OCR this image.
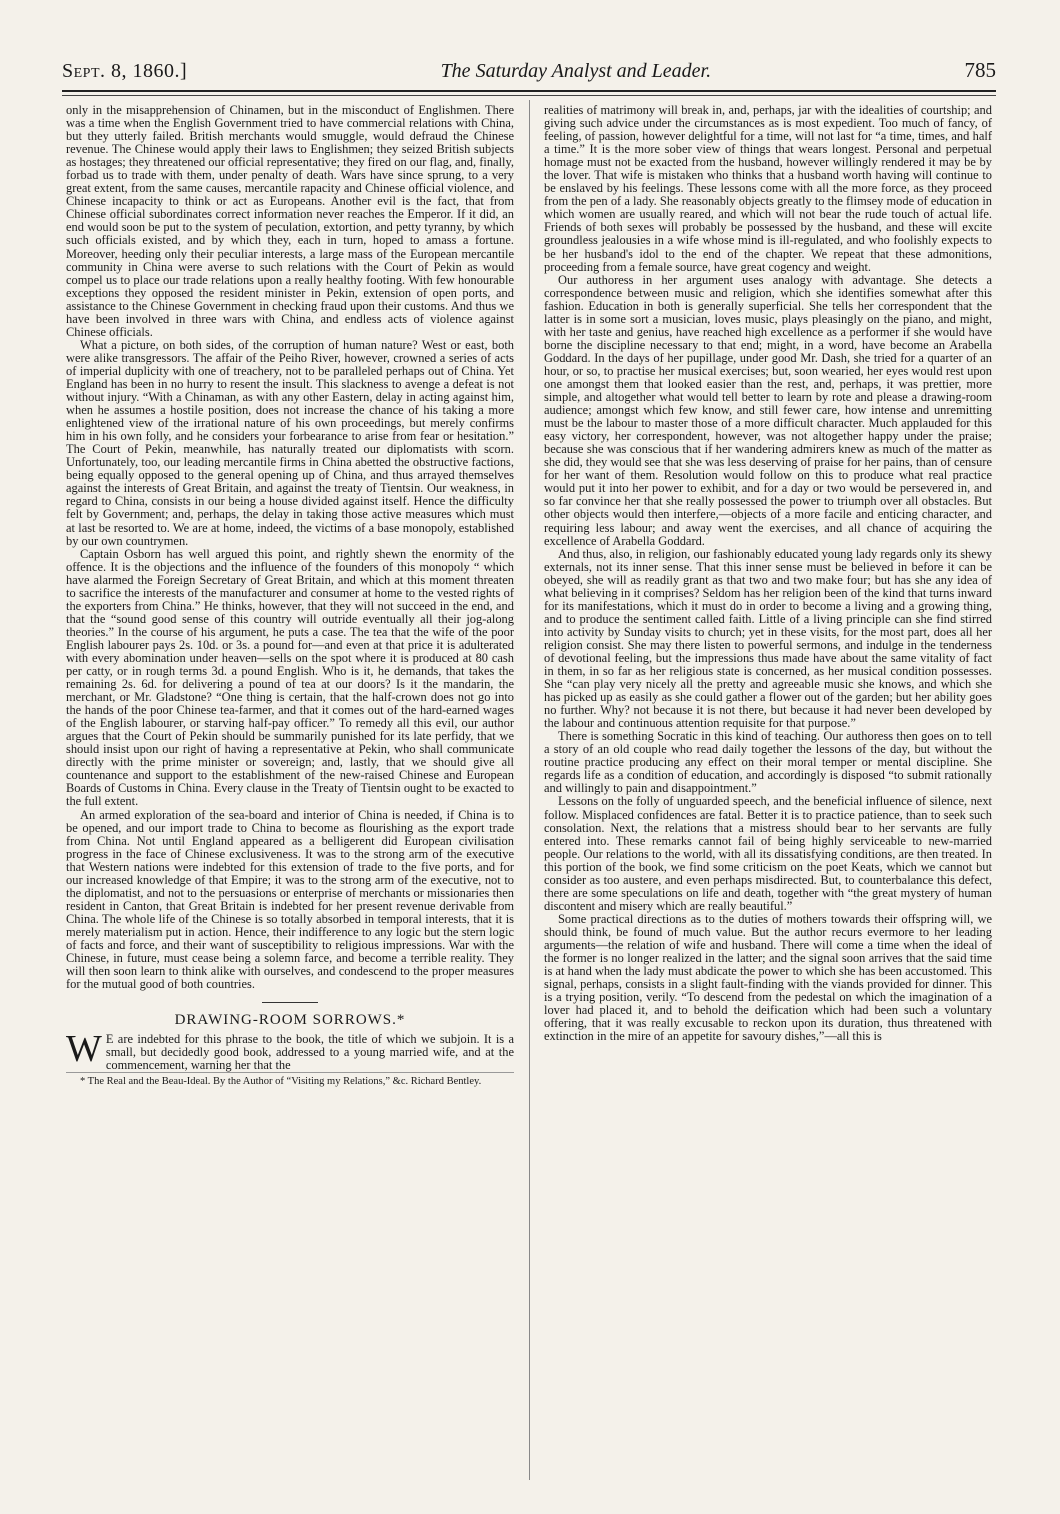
Sept. 8, 1860.]	The Saturday Analyst and Leader.	785

only in the misapprehension of Chinamen, but in the misconduct of Englishmen. There was a time when the English Government tried to have commercial relations with China, but they utterly failed. British merchants would smuggle, would defraud the Chinese revenue. The Chinese would apply their laws to Englishmen; they seized British subjects as hostages; they threatened our official representative; they fired on our flag, and, finally, forbad us to trade with them, under penalty of death. Wars have since sprung, to a very great extent, from the same causes, mercantile rapacity and Chinese official violence, and Chinese incapacity to think or act as Europeans. Another evil is the fact, that from Chinese official subordinates correct information never reaches the Emperor. If it did, an end would soon be put to the system of peculation, extortion, and petty tyranny, by which such officials existed, and by which they, each in turn, hoped to amass a fortune. Moreover, heeding only their peculiar interests, a large mass of the European mercantile community in China were averse to such relations with the Court of Pekin as would compel us to place our trade relations upon a really healthy footing. With few honourable exceptions they opposed the resident minister in Pekin, extension of open ports, and assistance to the Chinese Government in checking fraud upon their customs. And thus we have been involved in three wars with China, and endless acts of violence against Chinese officials.

What a picture, on both sides, of the corruption of human nature? West or east, both were alike transgressors. The affair of the Peiho River, however, crowned a series of acts of imperial duplicity with one of treachery, not to be paralleled perhaps out of China. Yet England has been in no hurry to resent the insult. This slackness to avenge a defeat is not without injury. “With a Chinaman, as with any other Eastern, delay in acting against him, when he assumes a hostile position, does not increase the chance of his taking a more enlightened view of the irrational nature of his own proceedings, but merely confirms him in his own folly, and he considers your forbearance to arise from fear or hesitation.” The Court of Pekin, meanwhile, has naturally treated our diplomatists with scorn. Unfortunately, too, our leading mercantile firms in China abetted the obstructive factions, being equally opposed to the general opening up of China, and thus arrayed themselves against the interests of Great Britain, and against the treaty of Tientsin. Our weakness, in regard to China, consists in our being a house divided against itself. Hence the difficulty felt by Government; and, perhaps, the delay in taking those active measures which must at last be resorted to. We are at home, indeed, the victims of a base monopoly, established by our own countrymen.

Captain Osborn has well argued this point, and rightly shewn the enormity of the offence. It is the objections and the influence of the founders of this monopoly “ which have alarmed the Foreign Secretary of Great Britain, and which at this moment threaten to sacrifice the interests of the manufacturer and consumer at home to the vested rights of the exporters from China.” He thinks, however, that they will not succeed in the end, and that the “sound good sense of this country will outride eventually all their jog-along theories.” In the course of his argument, he puts a case. The tea that the wife of the poor English labourer pays 2s. 10d. or 3s. a pound for—and even at that price it is adulterated with every abomination under heaven—sells on the spot where it is produced at 80 cash per catty, or in rough terms 3d. a pound English. Who is it, he demands, that takes the remaining 2s. 6d. for delivering a pound of tea at our doors? Is it the mandarin, the merchant, or Mr. Gladstone? “One thing is certain, that the half-crown does not go into the hands of the poor Chinese tea-farmer, and that it comes out of the hard-earned wages of the English labourer, or starving half-pay officer.” To remedy all this evil, our author argues that the Court of Pekin should be summarily punished for its late perfidy, that we should insist upon our right of having a representative at Pekin, who shall communicate directly with the prime minister or sovereign; and, lastly, that we should give all countenance and support to the establishment of the new-raised Chinese and European Boards of Customs in China. Every clause in the Treaty of Tientsin ought to be exacted to the full extent.

An armed exploration of the sea-board and interior of China is needed, if China is to be opened, and our import trade to China to become as flourishing as the export trade from China. Not until England appeared as a belligerent did European civilisation progress in the face of Chinese exclusiveness. It was to the strong arm of the executive that Western nations were indebted for this extension of trade to the five ports, and for our increased knowledge of that Empire; it was to the strong arm of the executive, not to the diplomatist, and not to the persuasions or enterprise of merchants or missionaries then resident in Canton, that Great Britain is indebted for her present revenue derivable from China. The whole life of the Chinese is so totally absorbed in temporal interests, that it is merely materialism put in action. Hence, their indifference to any logic but the stern logic of facts and force, and their want of susceptibility to religious impressions. War with the Chinese, in future, must cease being a solemn farce, and become a terrible reality. They will then soon learn to think alike with ourselves, and condescend to the proper measures for the mutual good of both countries.

DRAWING-ROOM SORROWS.*

W E are indebted for this phrase to the book, the title of which we subjoin. It is a small, but decidedly good book, addressed to a young married wife, and at the commencement, warning her that the

* The Real and the Beau-Ideal. By the Author of “Visiting my Relations,” &c. Richard Bentley.

realities of matrimony will break in, and, perhaps, jar with the idealities of courtship; and giving such advice under the circumstances as is most expedient. Too much of fancy, of feeling, of passion, however delightful for a time, will not last for “a time, times, and half a time.” It is the more sober view of things that wears longest. Personal and perpetual homage must not be exacted from the husband, however willingly rendered it may be by the lover. That wife is mistaken who thinks that a husband worth having will continue to be enslaved by his feelings. These lessons come with all the more force, as they proceed from the pen of a lady. She reasonably objects greatly to the flimsey mode of education in which women are usually reared, and which will not bear the rude touch of actual life. Friends of both sexes will probably be possessed by the husband, and these will excite groundless jealousies in a wife whose mind is ill-regulated, and who foolishly expects to be her husband's idol to the end of the chapter. We repeat that these admonitions, proceeding from a female source, have great cogency and weight.

Our authoress in her argument uses analogy with advantage. She detects a correspondence between music and religion, which she identifies somewhat after this fashion. Education in both is generally superficial. She tells her correspondent that the latter is in some sort a musician, loves music, plays pleasingly on the piano, and might, with her taste and genius, have reached high excellence as a performer if she would have borne the discipline necessary to that end; might, in a word, have become an Arabella Goddard. In the days of her pupillage, under good Mr. Dash, she tried for a quarter of an hour, or so, to practise her musical exercises; but, soon wearied, her eyes would rest upon one amongst them that looked easier than the rest, and, perhaps, it was prettier, more simple, and altogether what would tell better to learn by rote and please a drawing-room audience; amongst which few know, and still fewer care, how intense and unremitting must be the labour to master those of a more difficult character. Much applauded for this easy victory, her correspondent, however, was not altogether happy under the praise; because she was conscious that if her wandering admirers knew as much of the matter as she did, they would see that she was less deserving of praise for her pains, than of censure for her want of them. Resolution would follow on this to produce what real practice would put it into her power to exhibit, and for a day or two would be persevered in, and so far convince her that she really possessed the power to triumph over all obstacles. But other objects would then interfere,—objects of a more facile and enticing character, and requiring less labour; and away went the exercises, and all chance of acquiring the excellence of Arabella Goddard.

And thus, also, in religion, our fashionably educated young lady regards only its shewy externals, not its inner sense. That this inner sense must be believed in before it can be obeyed, she will as readily grant as that two and two make four; but has she any idea of what believing in it comprises? Seldom has her religion been of the kind that turns inward for its manifestations, which it must do in order to become a living and a growing thing, and to produce the sentiment called faith. Little of a living principle can she find stirred into activity by Sunday visits to church; yet in these visits, for the most part, does all her religion consist. She may there listen to powerful sermons, and indulge in the tenderness of devotional feeling, but the impressions thus made have about the same vitality of fact in them, in so far as her religious state is concerned, as her musical condition possesses. She “can play very nicely all the pretty and agreeable music she knows, and which she has picked up as easily as she could gather a flower out of the garden; but her ability goes no further. Why? not because it is not there, but because it had never been developed by the labour and continuous attention requisite for that purpose.”

There is something Socratic in this kind of teaching. Our authoress then goes on to tell a story of an old couple who read daily together the lessons of the day, but without the routine practice producing any effect on their moral temper or mental discipline. She regards life as a condition of education, and accordingly is disposed “to submit rationally and willingly to pain and disappointment.”

Lessons on the folly of unguarded speech, and the beneficial influence of silence, next follow. Misplaced confidences are fatal. Better it is to practice patience, than to seek such consolation. Next, the relations that a mistress should bear to her servants are fully entered into. These remarks cannot fail of being highly serviceable to new-married people. Our relations to the world, with all its dissatisfying conditions, are then treated. In this portion of the book, we find some criticism on the poet Keats, which we cannot but consider as too austere, and even perhaps misdirected. But, to counterbalance this defect, there are some speculations on life and death, together with “the great mystery of human discontent and misery which are really beautiful.”

Some practical directions as to the duties of mothers towards their offspring will, we should think, be found of much value. But the author recurs evermore to her leading arguments—the relation of wife and husband. There will come a time when the ideal of the former is no longer realized in the latter; and the signal soon arrives that the said time is at hand when the lady must abdicate the power to which she has been accustomed. This signal, perhaps, consists in a slight fault-finding with the viands provided for dinner. This is a trying position, verily. “To descend from the pedestal on which the imagination of a lover had placed it, and to behold the deification which had been such a voluntary offering, that it was really excusable to reckon upon its duration, thus threatened with extinction in the mire of an appetite for savoury dishes,”—all this is
